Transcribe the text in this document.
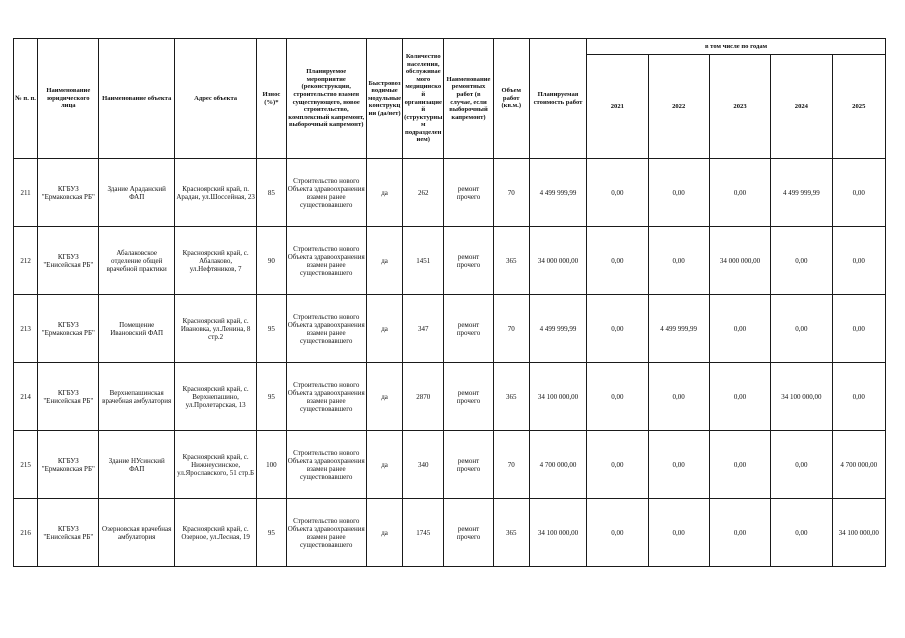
№ п. п.	Наименование юридического лица	Наименование объекта	Адрес объекта	Износ (%)*	Планируемое мероприятие (реконструкция, строительство взамен существующего, новое строительство, комплексный капремонт, выборочный капремонт)	Быстровозводимые модульные конструкции (да/нет)	Количество населения, обслуживаемого медицинской организацией (структурным подразделением)	Наименование ремонтных работ (в случае, если выборочный капремонт)	Объем работ (кв.м.)	Планируемая стоимость работ	в том числе по годам				
											2021	2022	2023	2024	2025
211	КГБУЗ "Ермаковская РБ"	Здание Араданский ФАП	Красноярский край, п. Арадан, ул.Шоссейная, 23	85	Строительство нового Объекта здравоохранения взамен ранее существовавшего	да	262	ремонт прочего	70	4 499 999,99	0,00	0,00	0,00	4 499 999,99	0,00
212	КГБУЗ "Енисейская РБ"	Абалаковское отделение общей врачебной практики	Красноярский край, с. Абалаково, ул.Нефтяников, 7	90	Строительство нового Объекта здравоохранения взамен ранее существовавшего	да	1451	ремонт прочего	365	34 000 000,00	0,00	0,00	34 000 000,00	0,00	0,00
213	КГБУЗ "Ермаковская РБ"	Помещение Ивановский ФАП	Красноярский край, с. Ивановка, ул.Ленина, 8 стр.2	95	Строительство нового Объекта здравоохранения взамен ранее существовавшего	да	347	ремонт прочего	70	4 499 999,99	0,00	4 499 999,99	0,00	0,00	0,00
214	КГБУЗ "Енисейская РБ"	Верхнепашинская врачебная амбулатория	Красноярский край, с. Верхнепашино, ул.Пролетарская, 13	95	Строительство нового Объекта здравоохранения взамен ранее существовавшего	да	2870	ремонт прочего	365	34 100 000,00	0,00	0,00	0,00	34 100 000,00	0,00
215	КГБУЗ "Ермаковская РБ"	Здание НУсинский ФАП	Красноярский край, с. Нижнеусинское, ул.Ярославского, 51 стр.Б	100	Строительство нового Объекта здравоохранения взамен ранее существовавшего	да	340	ремонт прочего	70	4 700 000,00	0,00	0,00	0,00	0,00	4 700 000,00
216	КГБУЗ "Енисейская РБ"	Озерновская врачебная амбулатория	Красноярский край, с. Озерное, ул.Лесная, 19	95	Строительство нового Объекта здравоохранения взамен ранее существовавшего	да	1745	ремонт прочего	365	34 100 000,00	0,00	0,00	0,00	0,00	34 100 000,00
